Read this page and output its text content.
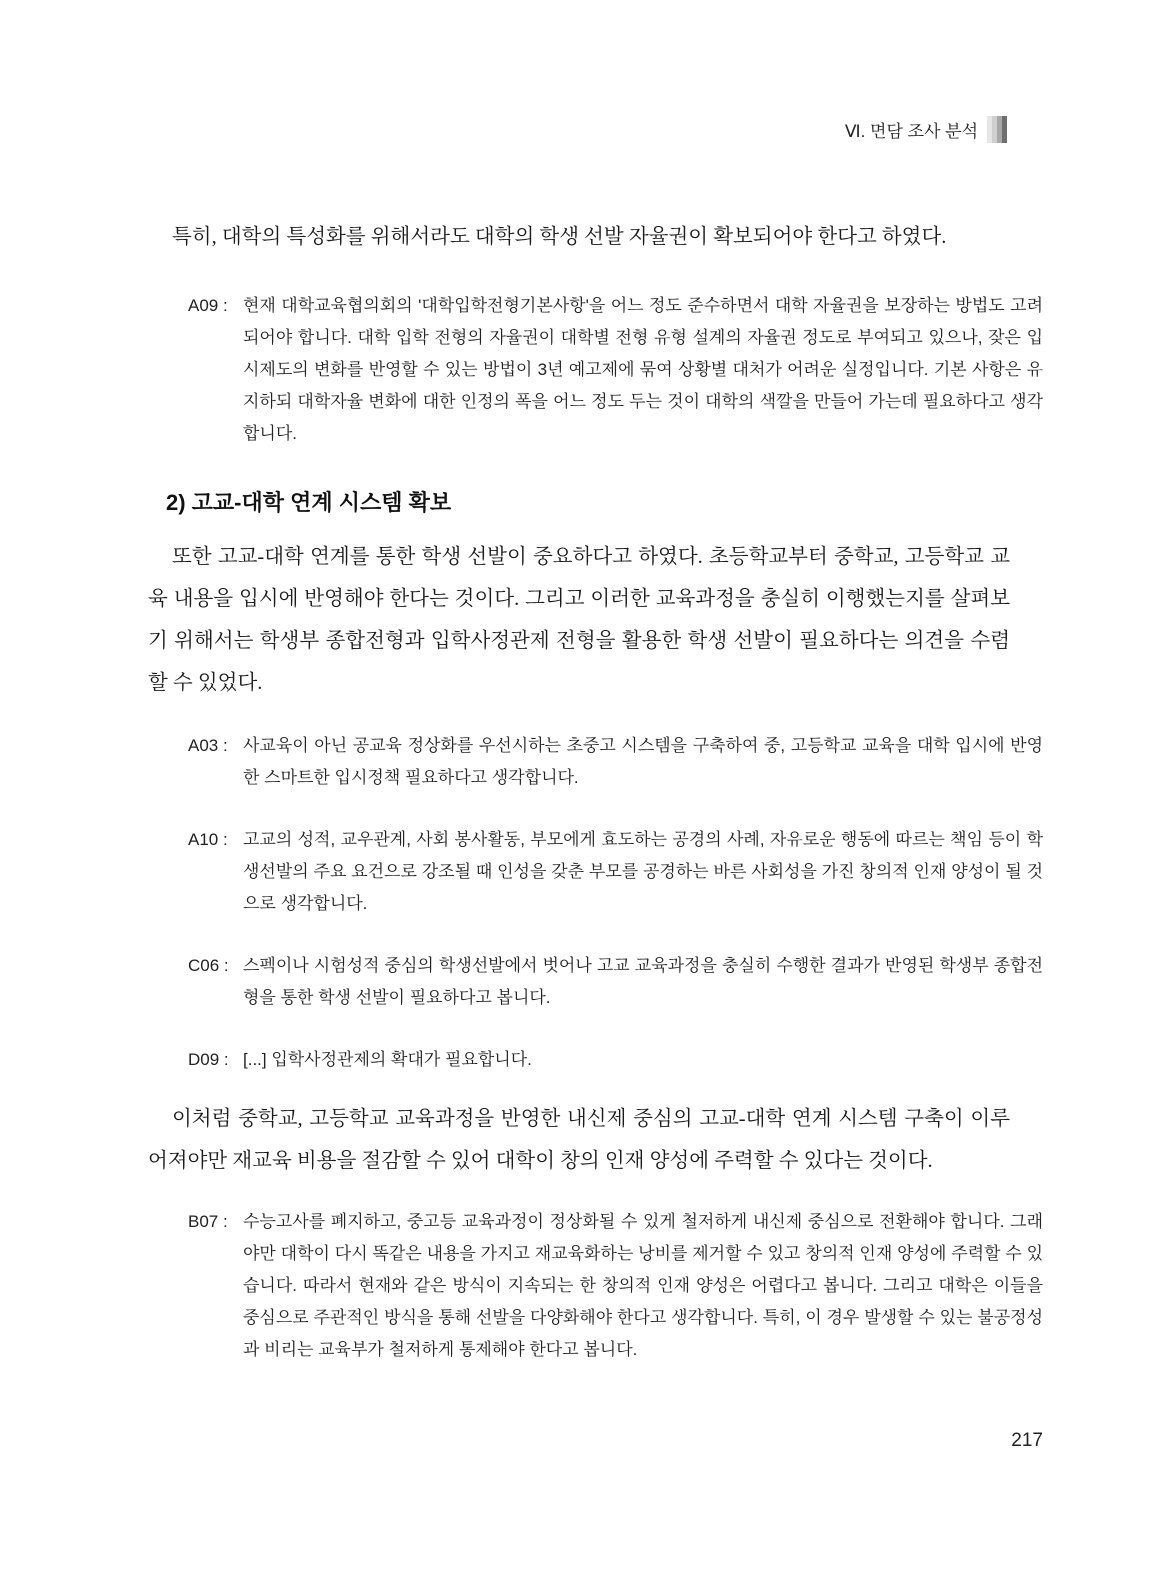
Ⅵ. 면담 조사 분석

특히, 대학의 특성화를 위해서라도 대학의 학생 선발 자율권이 확보되어야 한다고 하였다.

A09 : 현재 대학교육협의회의 '대학입학전형기본사항'을 어느 정도 준수하면서 대학 자율권을 보장하는 방법도 고려되어야 합니다. 대학 입학 전형의 자율권이 대학별 전형 유형 설계의 자율권 정도로 부여되고 있으나, 잦은 입시제도의 변화를 반영할 수 있는 방법이 3년 예고제에 묶여 상황별 대처가 어려운 실정입니다. 기본 사항은 유지하되 대학자율 변화에 대한 인정의 폭을 어느 정도 두는 것이 대학의 색깔을 만들어 가는데 필요하다고 생각합니다.

2) 고교-대학 연계 시스템 확보

또한 고교-대학 연계를 통한 학생 선발이 중요하다고 하였다. 초등학교부터 중학교, 고등학교 교육 내용을 입시에 반영해야 한다는 것이다. 그리고 이러한 교육과정을 충실히 이행했는지를 살펴보기 위해서는 학생부 종합전형과 입학사정관제 전형을 활용한 학생 선발이 필요하다는 의견을 수렴할 수 있었다.

A03 : 사교육이 아닌 공교육 정상화를 우선시하는 초중고 시스템을 구축하여 중, 고등학교 교육을 대학 입시에 반영한 스마트한 입시정책 필요하다고 생각합니다.

A10 : 고교의 성적, 교우관계, 사회 봉사활동, 부모에게 효도하는 공경의 사례, 자유로운 행동에 따르는 책임 등이 학생선발의 주요 요건으로 강조될 때 인성을 갖춘 부모를 공경하는 바른 사회성을 가진 창의적 인재 양성이 될 것으로 생각합니다.

C06 : 스펙이나 시험성적 중심의 학생선발에서 벗어나 고교 교육과정을 충실히 수행한 결과가 반영된 학생부 종합전형을 통한 학생 선발이 필요하다고 봅니다.

D09 : [...] 입학사정관제의 확대가 필요합니다.

이처럼 중학교, 고등학교 교육과정을 반영한 내신제 중심의 고교-대학 연계 시스템 구축이 이루어져야만 재교육 비용을 절감할 수 있어 대학이 창의 인재 양성에 주력할 수 있다는 것이다.

B07 : 수능고사를 폐지하고, 중고등 교육과정이 정상화될 수 있게 철저하게 내신제 중심으로 전환해야 합니다. 그래야만 대학이 다시 똑같은 내용을 가지고 재교육화하는 낭비를 제거할 수 있고 창의적 인재 양성에 주력할 수 있습니다. 따라서 현재와 같은 방식이 지속되는 한 창의적 인재 양성은 어렵다고 봅니다. 그리고 대학은 이들을 중심으로 주관적인 방식을 통해 선발을 다양화해야 한다고 생각합니다. 특히, 이 경우 발생할 수 있는 불공정성과 비리는 교육부가 철저하게 통제해야 한다고 봅니다.

217
